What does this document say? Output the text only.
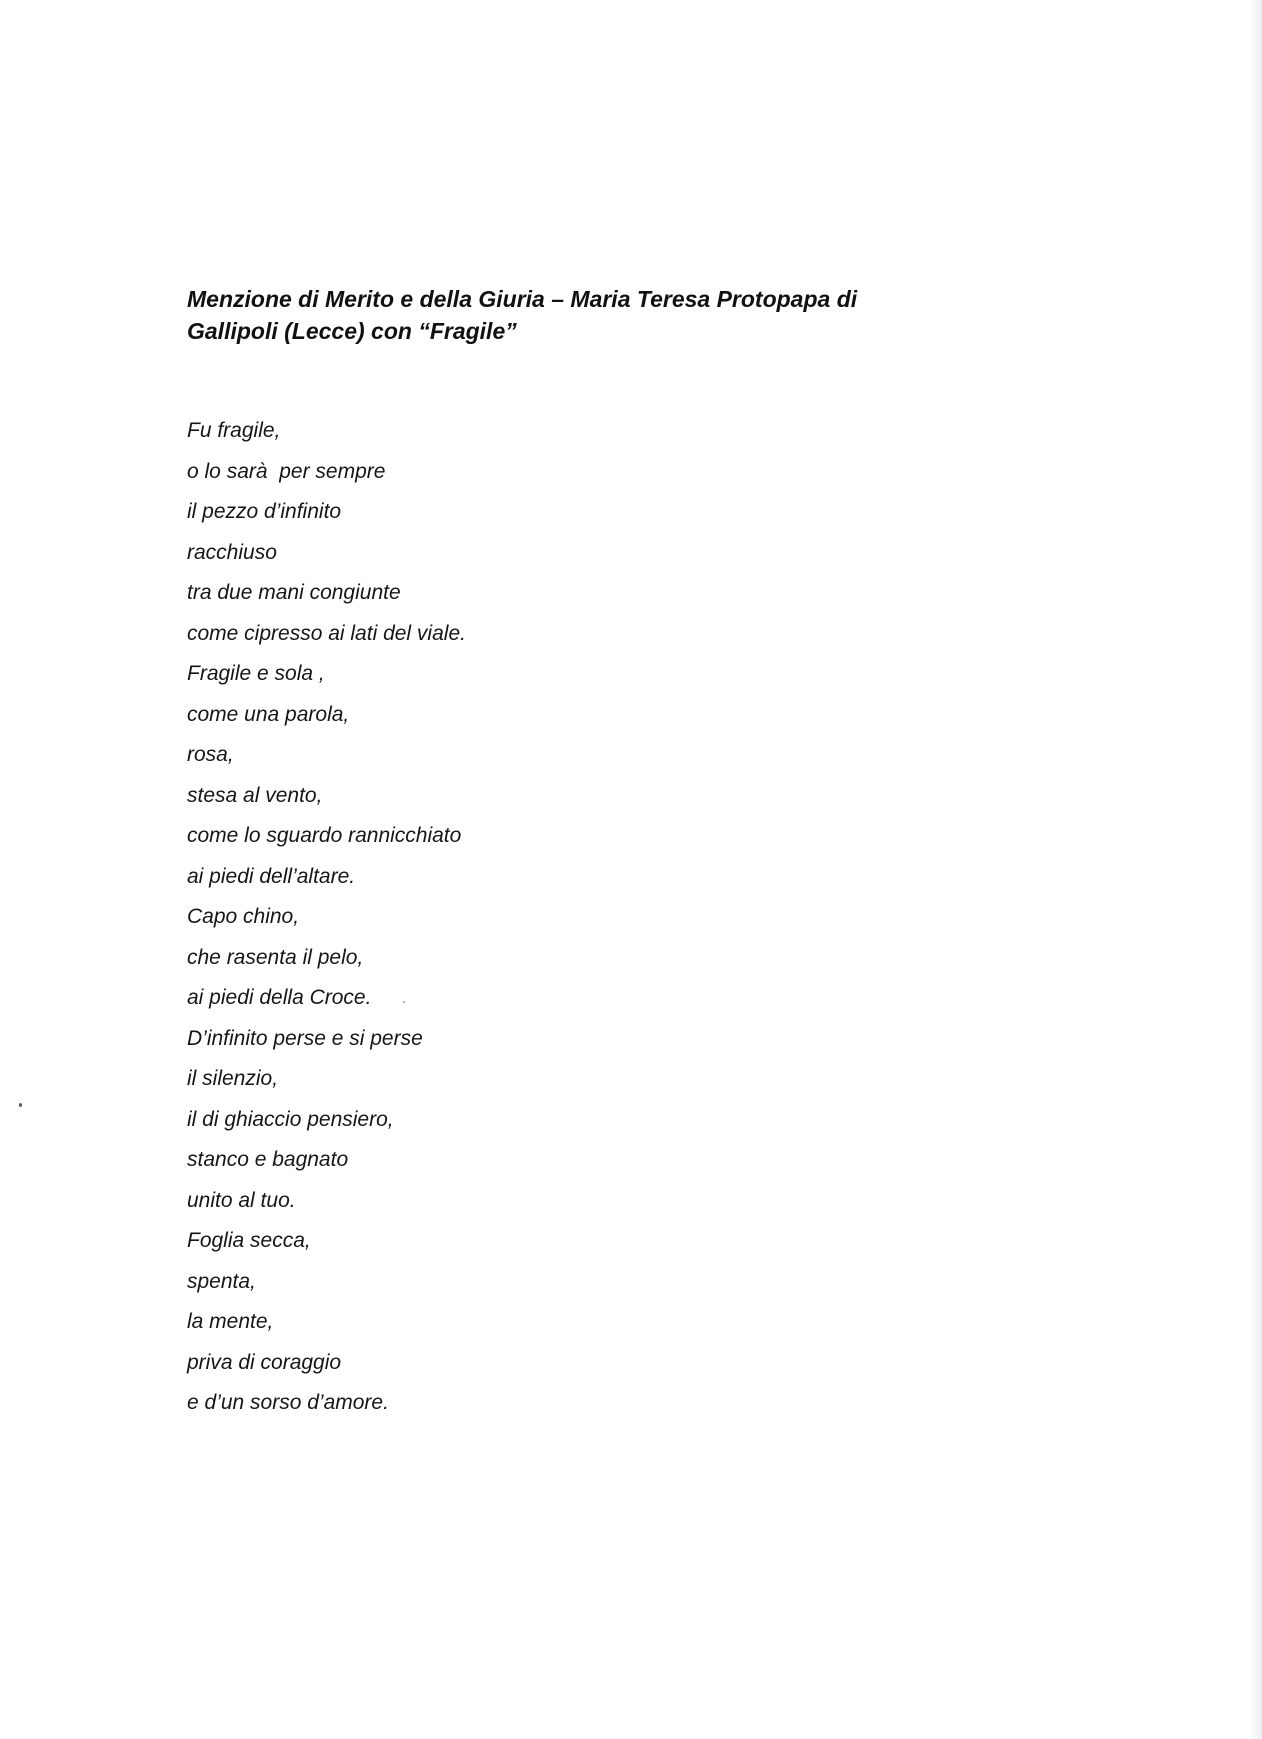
Menzione di Merito e della Giuria – Maria Teresa Protopapa di
Gallipoli (Lecce) con “Fragile”
Fu fragile,
o lo sarà  per sempre
il pezzo d’infinito
racchiuso
tra due mani congiunte
come cipresso ai lati del viale.
Fragile e sola ,
come una parola,
rosa,
stesa al vento,
come lo sguardo rannicchiato
ai piedi dell’altare.
Capo chino,
che rasenta il pelo,
ai piedi della Croce.
D’infinito perse e si perse
il silenzio,
il di ghiaccio pensiero,
stanco e bagnato
unito al tuo.
Foglia secca,
spenta,
la mente,
priva di coraggio
e d’un sorso d’amore.
